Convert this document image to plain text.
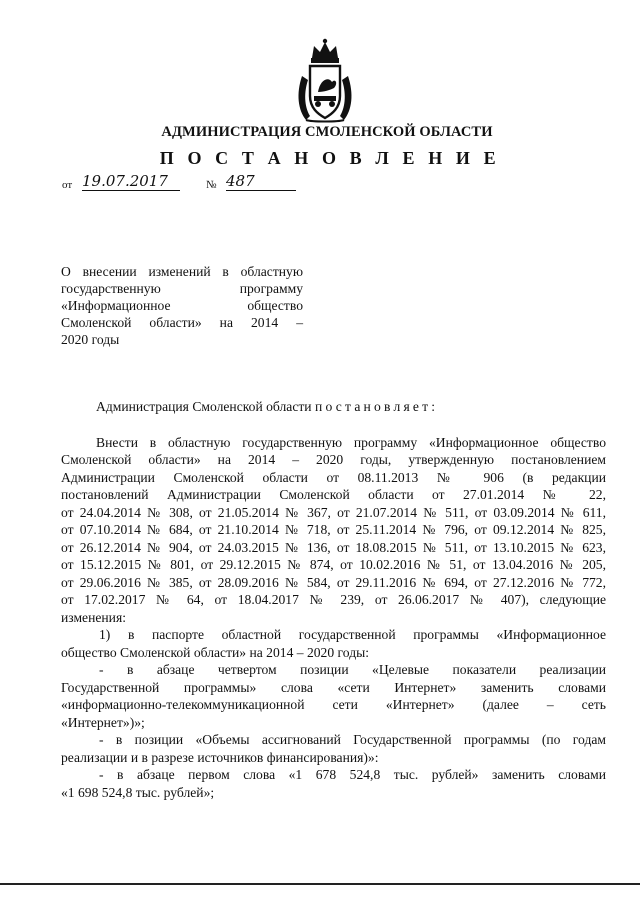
АДМИНИСТРАЦИЯ СМОЛЕНСКОЙ ОБЛАСТИ
П О С Т А Н О В Л Е Н И Е
от 19.07.2017	№ 487
О внесении изменений в областную
государственную программу
«Информационное общество
Смоленской области» на 2014 –
2020 годы
Администрация Смоленской области постановляет:
Внести в областную государственную программу «Информационное общество
Смоленской области» на 2014 – 2020 годы, утвержденную постановлением
Администрации Смоленской области от 08.11.2013 № 906 (в редакции
постановлений Администрации Смоленской области от 27.01.2014 № 22,
от 24.04.2014 № 308, от 21.05.2014 № 367, от 21.07.2014 № 511, от 03.09.2014 № 611,
от 07.10.2014 № 684, от 21.10.2014 № 718, от 25.11.2014 № 796, от 09.12.2014 № 825,
от 26.12.2014 № 904, от 24.03.2015 № 136, от 18.08.2015 № 511, от 13.10.2015 № 623,
от 15.12.2015 № 801, от 29.12.2015 № 874, от 10.02.2016 № 51, от 13.04.2016 № 205,
от 29.06.2016 № 385, от 28.09.2016 № 584, от 29.11.2016 № 694, от 27.12.2016 № 772,
от 17.02.2017 № 64, от 18.04.2017 № 239, от 26.06.2017 № 407), следующие
изменения:
1) в паспорте областной государственной программы «Информационное
общество Смоленской области» на 2014 – 2020 годы:
- в абзаце четвертом позиции «Целевые показатели реализации
Государственной программы» слова «сети Интернет» заменить словами
«информационно-телекоммуникационной сети «Интернет» (далее – сеть
«Интернет»)»;
- в позиции «Объемы ассигнований Государственной программы (по годам
реализации и в разрезе источников финансирования)»:
- в абзаце первом слова «1 678 524,8 тыс. рублей» заменить словами
«1 698 524,8 тыс. рублей»;
